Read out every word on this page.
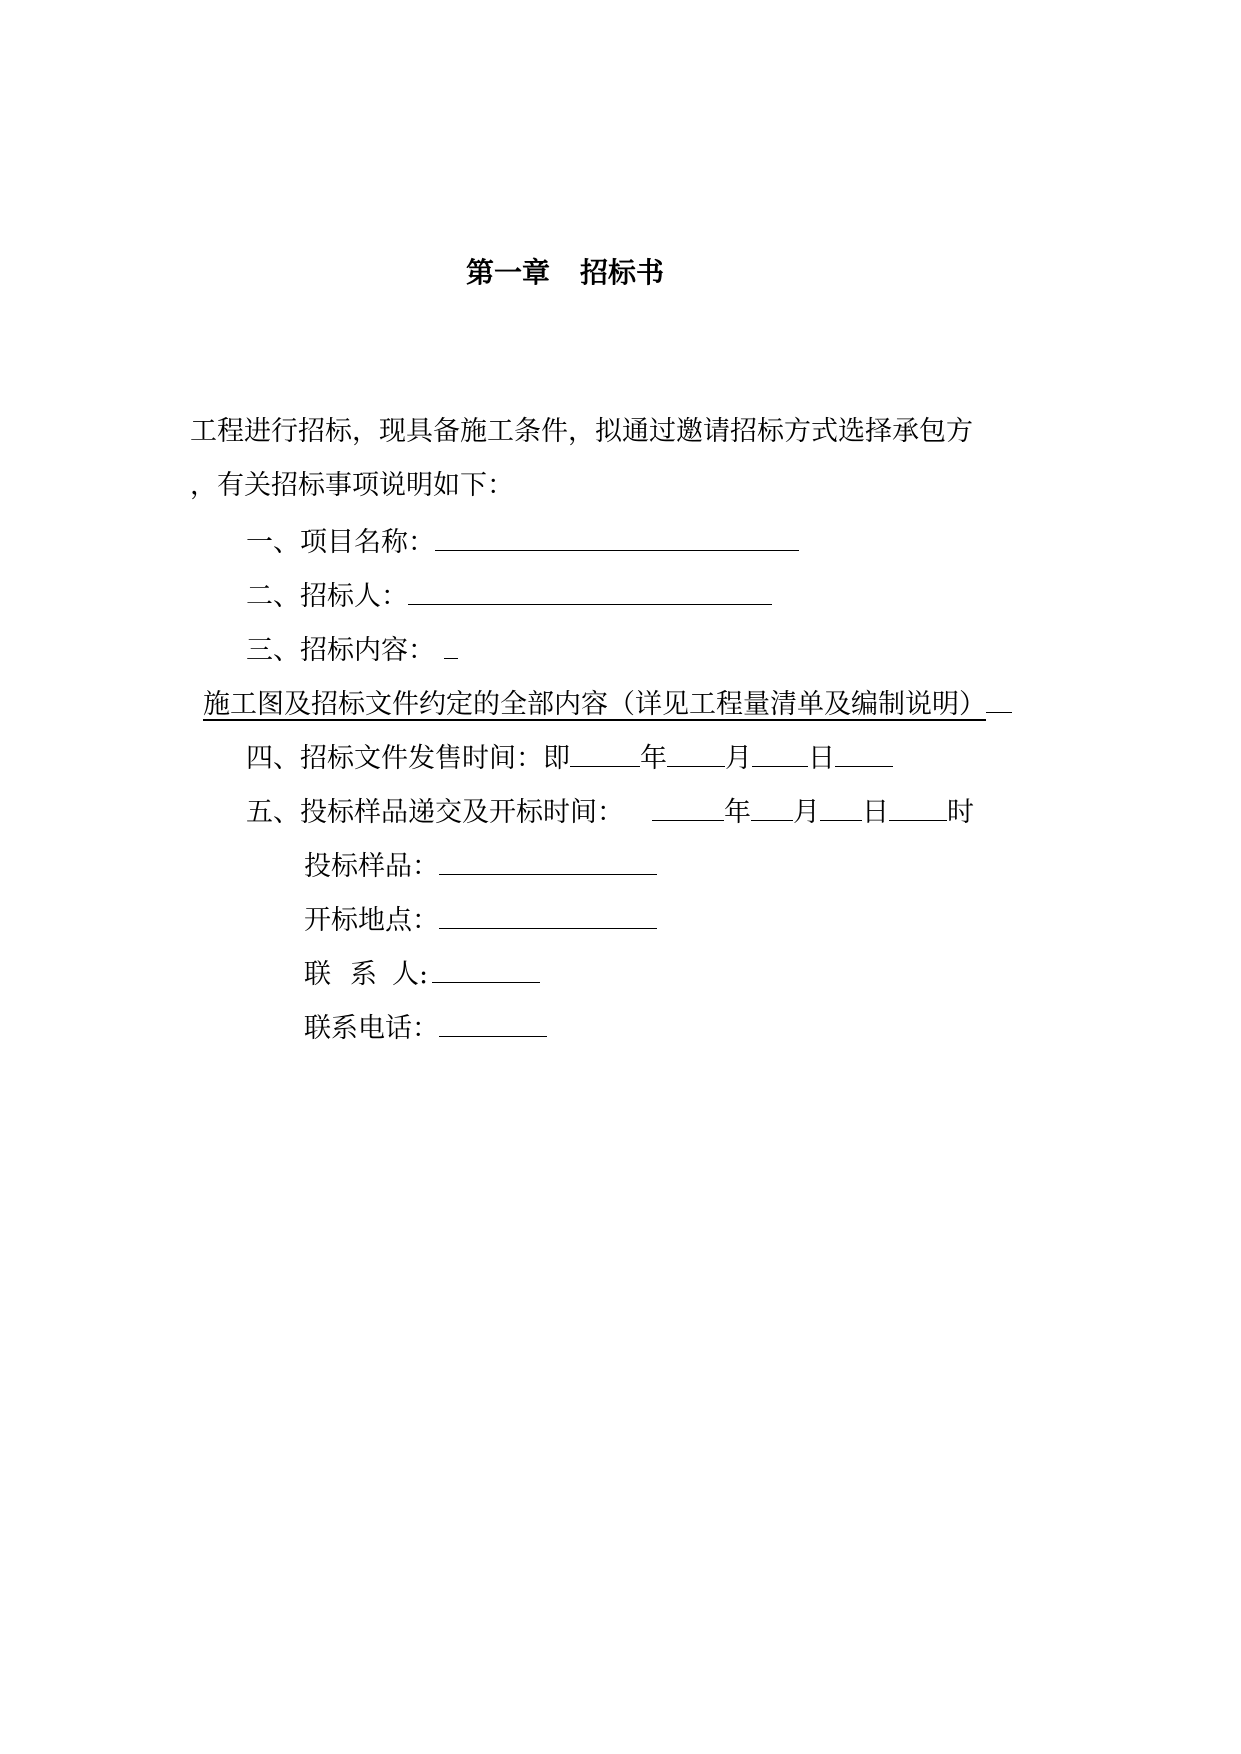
第一章 招标书
工程进行招标，现具备施工条件，拟通过邀请招标方式选择承包方
，有关招标事项说明如下：
一、项目名称：
二、招标人：
三、招标内容：
施工图及招标文件约定的全部内容（详见工程量清单及编制说明）
四、招标文件发售时间：即	年 月 日
五、投标样品递交及开标时间：	年 月 日 时
投标样品：
开标地点：
联 系 人:
联系电话：
